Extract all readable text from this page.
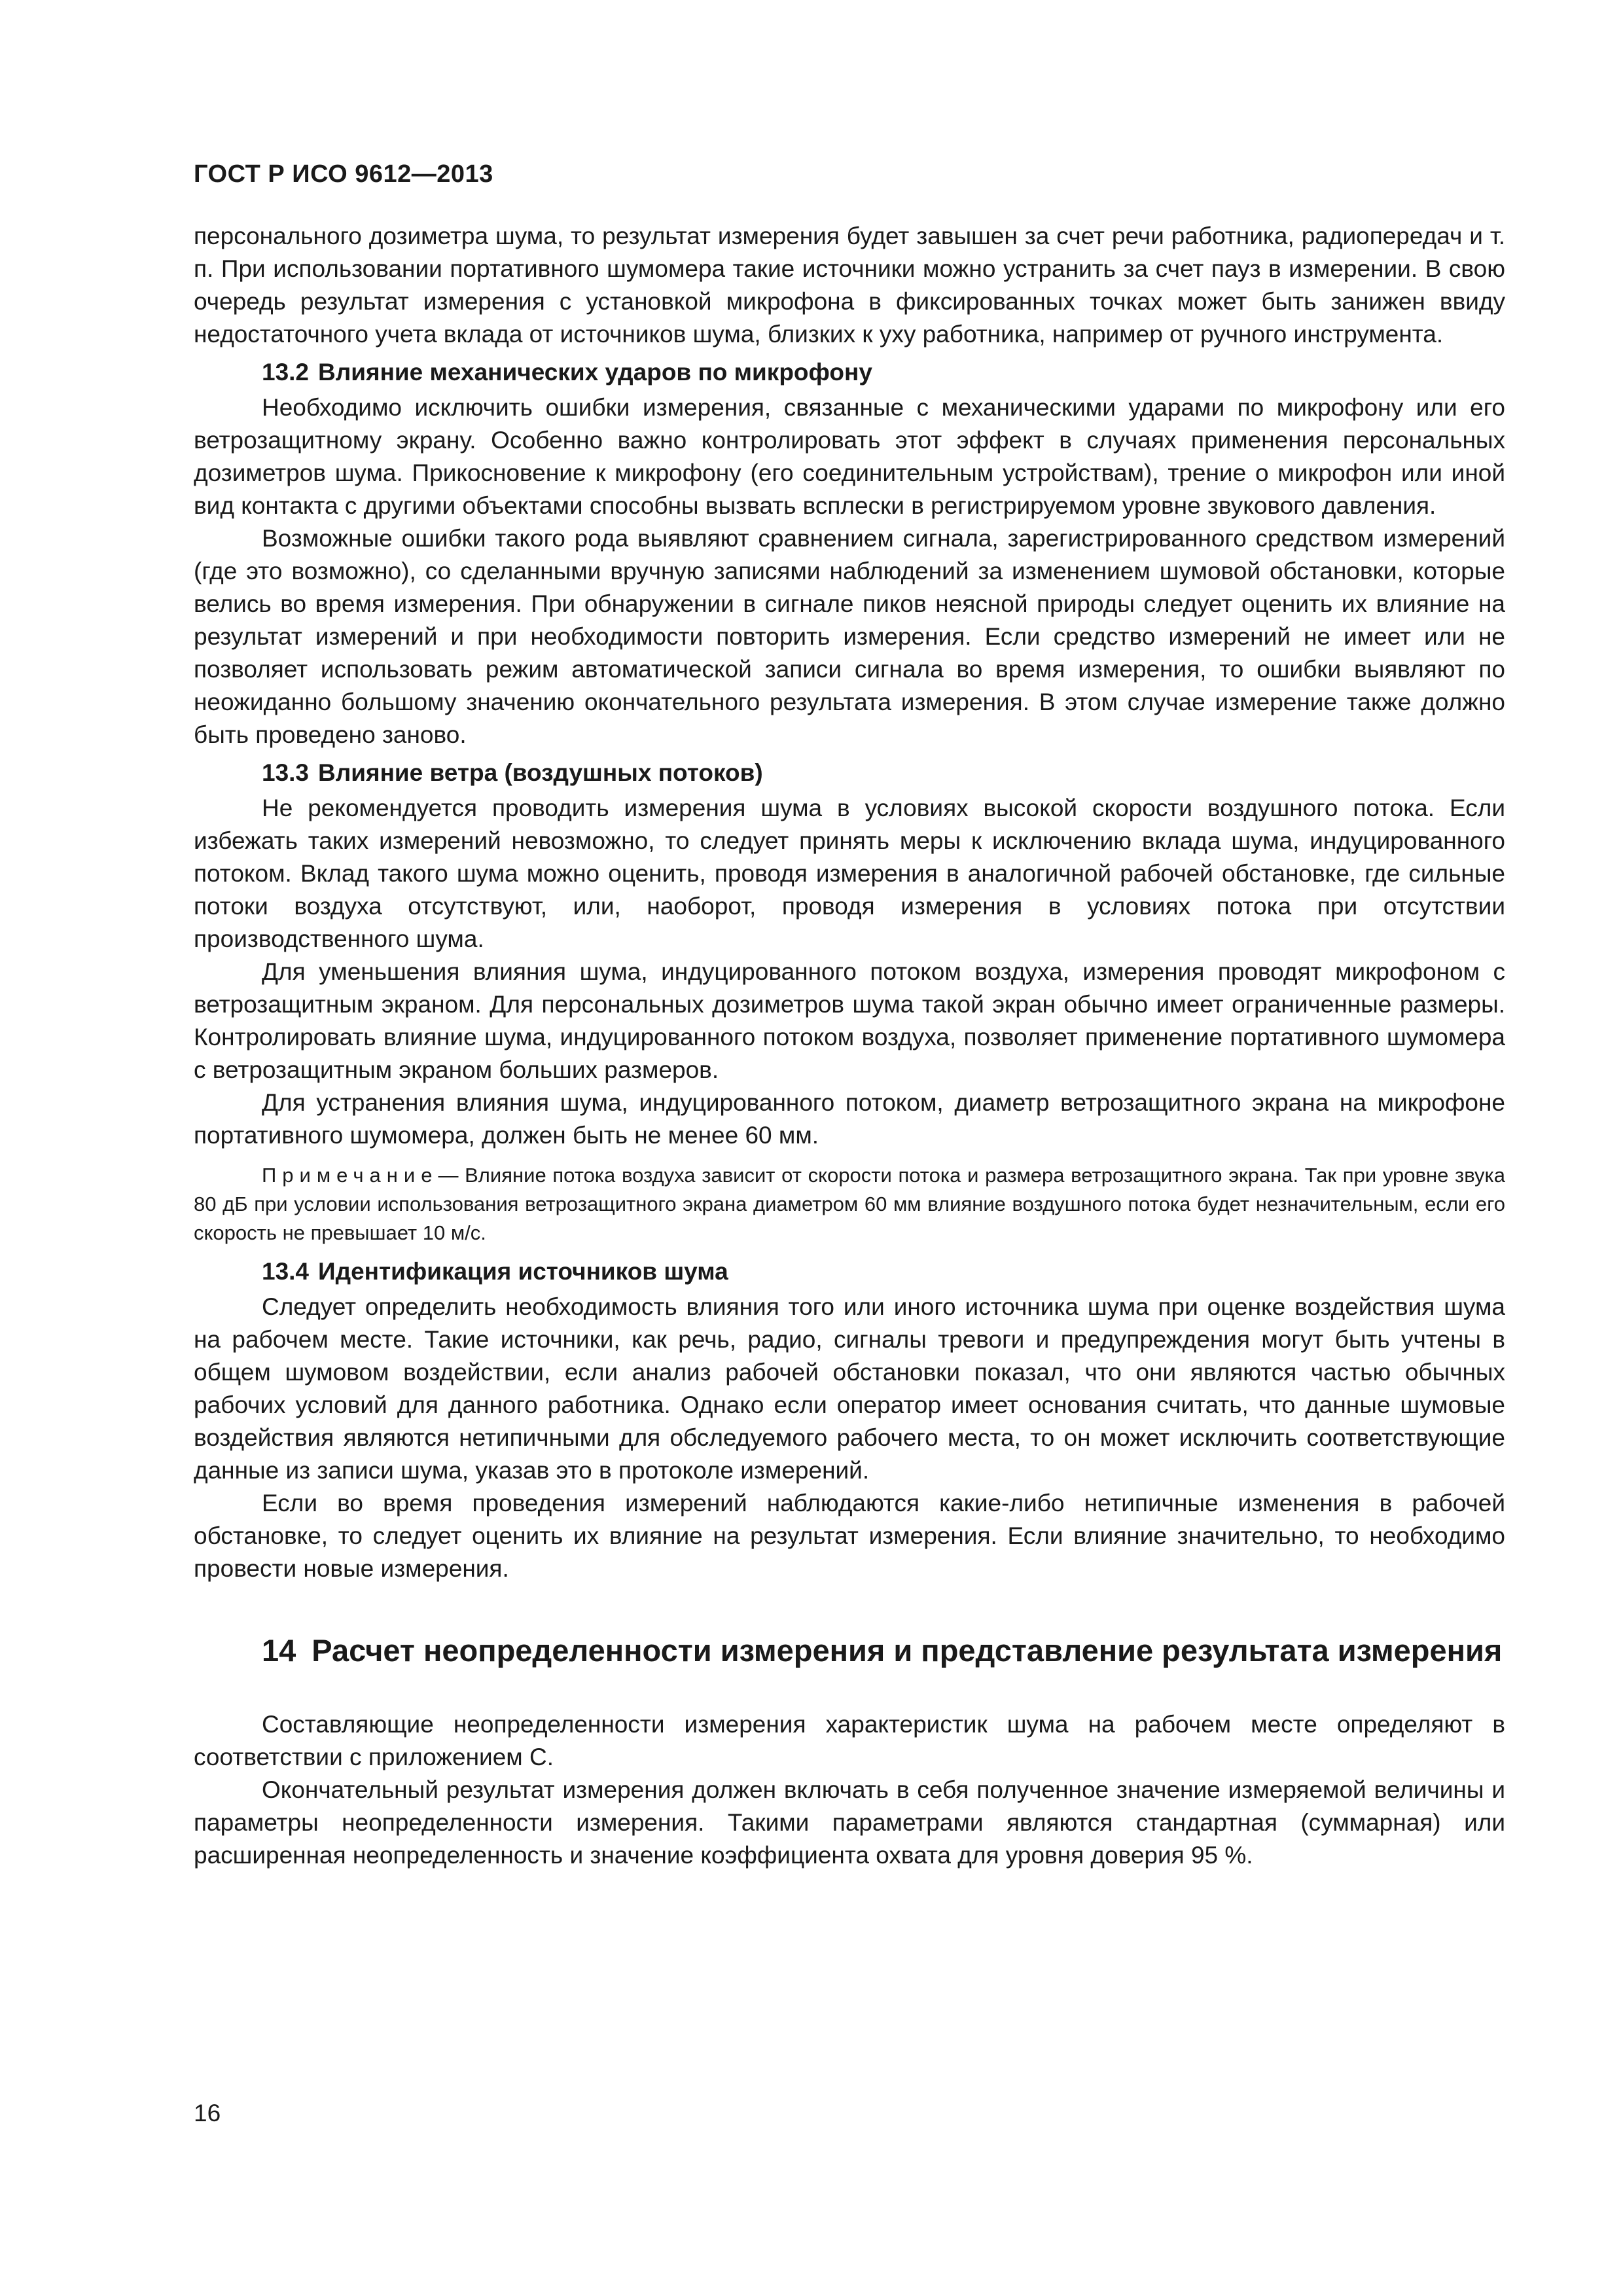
ГОСТ Р ИСО 9612—2013

персонального дозиметра шума, то результат измерения будет завышен за счет речи работника, радиопередач и т. п. При использовании портативного шумомера такие источники можно устранить за счет пауз в измерении. В свою очередь результат измерения с установкой микрофона в фиксированных точках может быть занижен ввиду недостаточного учета вклада от источников шума, близких к уху работника, например от ручного инструмента.

13.2 Влияние механических ударов по микрофону

Необходимо исключить ошибки измерения, связанные с механическими ударами по микрофону или его ветрозащитному экрану. Особенно важно контролировать этот эффект в случаях применения персональных дозиметров шума. Прикосновение к микрофону (его соединительным устройствам), трение о микрофон или иной вид контакта с другими объектами способны вызвать всплески в регистрируемом уровне звукового давления.

Возможные ошибки такого рода выявляют сравнением сигнала, зарегистрированного средством измерений (где это возможно), со сделанными вручную записями наблюдений за изменением шумовой обстановки, которые велись во время измерения. При обнаружении в сигнале пиков неясной природы следует оценить их влияние на результат измерений и при необходимости повторить измерения. Если средство измерений не имеет или не позволяет использовать режим автоматической записи сигнала во время измерения, то ошибки выявляют по неожиданно большому значению окончательного результата измерения. В этом случае измерение также должно быть проведено заново.

13.3 Влияние ветра (воздушных потоков)

Не рекомендуется проводить измерения шума в условиях высокой скорости воздушного потока. Если избежать таких измерений невозможно, то следует принять меры к исключению вклада шума, индуцированного потоком. Вклад такого шума можно оценить, проводя измерения в аналогичной рабочей обстановке, где сильные потоки воздуха отсутствуют, или, наоборот, проводя измерения в условиях потока при отсутствии производственного шума.

Для уменьшения влияния шума, индуцированного потоком воздуха, измерения проводят микрофоном с ветрозащитным экраном. Для персональных дозиметров шума такой экран обычно имеет ограниченные размеры. Контролировать влияние шума, индуцированного потоком воздуха, позволяет применение портативного шумомера с ветрозащитным экраном больших размеров.

Для устранения влияния шума, индуцированного потоком, диаметр ветрозащитного экрана на микрофоне портативного шумомера, должен быть не менее 60 мм.

Примечание— Влияние потока воздуха зависит от скорости потока и размера ветрозащитного экрана. Так при уровне звука 80 дБ при условии использования ветрозащитного экрана диаметром 60 мм влияние воздушного потока будет незначительным, если его скорость не превышает 10 м/с.
13.4 Идентификация источников шума

Следует определить необходимость влияния того или иного источника шума при оценке воздействия шума на рабочем месте. Такие источники, как речь, радио, сигналы тревоги и предупреждения могут быть учтены в общем шумовом воздействии, если анализ рабочей обстановки показал, что они являются частью обычных рабочих условий для данного работника. Однако если оператор имеет основания считать, что данные шумовые воздействия являются нетипичными для обследуемого рабочего места, то он может исключить соответствующие данные из записи шума, указав это в протоколе измерений.

Если во время проведения измерений наблюдаются какие-либо нетипичные изменения в рабочей обстановке, то следует оценить их влияние на результат измерения. Если влияние значительно, то необходимо провести новые измерения.

14 Расчет неопределенности измерения и представление результата измерения

Составляющие неопределенности измерения характеристик шума на рабочем месте определяют в соответствии с приложением С.

Окончательный результат измерения должен включать в себя полученное значение измеряемой величины и параметры неопределенности измерения. Такими параметрами являются стандартная (суммарная) или расширенная неопределенность и значение коэффициента охвата для уровня доверия 95 %.

16
